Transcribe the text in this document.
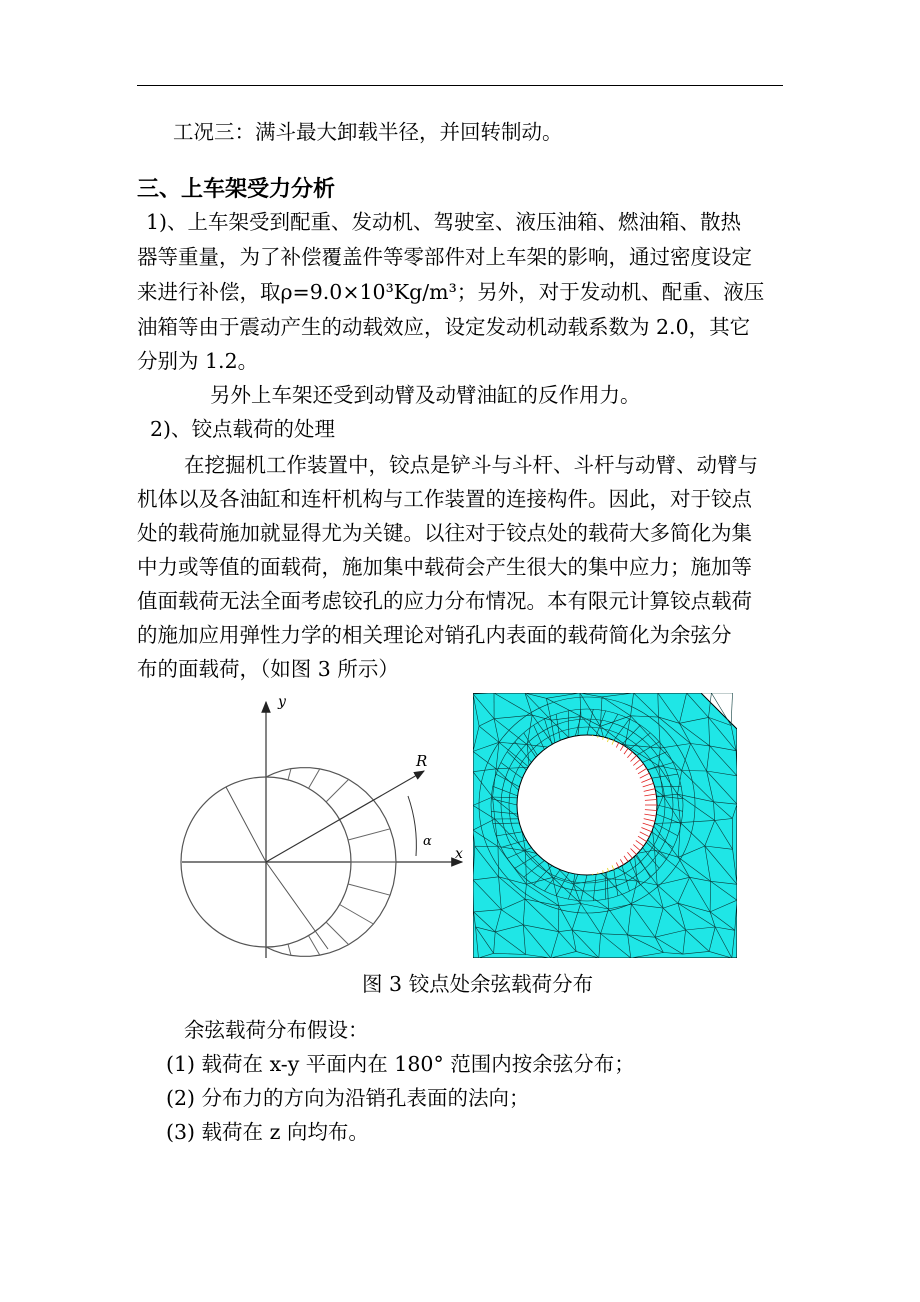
工况三：满斗最大卸载半径，并回转制动。
三、上车架受力分析
1)、上车架受到配重、发动机、驾驶室、液压油箱、燃油箱、散热
器等重量，为了补偿覆盖件等零部件对上车架的影响，通过密度设定
来进行补偿，取ρ=9.0×10³Kg/m³；另外，对于发动机、配重、液压
油箱等由于震动产生的动载效应，设定发动机动载系数为 2.0，其它
分别为 1.2。
另外上车架还受到动臂及动臂油缸的反作用力。
2)、铰点载荷的处理
在挖掘机工作装置中，铰点是铲斗与斗杆、斗杆与动臂、动臂与
机体以及各油缸和连杆机构与工作装置的连接构件。因此，对于铰点
处的载荷施加就显得尤为关键。以往对于铰点处的载荷大多简化为集
中力或等值的面载荷，施加集中载荷会产生很大的集中应力；施加等
值面载荷无法全面考虑铰孔的应力分布情况。本有限元计算铰点载荷
的施加应用弹性力学的相关理论对销孔内表面的载荷简化为余弦分
布的面载荷，（如图 3 所示）
α
R
y
x
图 3 铰点处余弦载荷分布
余弦载荷分布假设：
(1) 载荷在 x-y 平面内在 180° 范围内按余弦分布；
(2) 分布力的方向为沿销孔表面的法向；
(3) 载荷在 z 向均布。
